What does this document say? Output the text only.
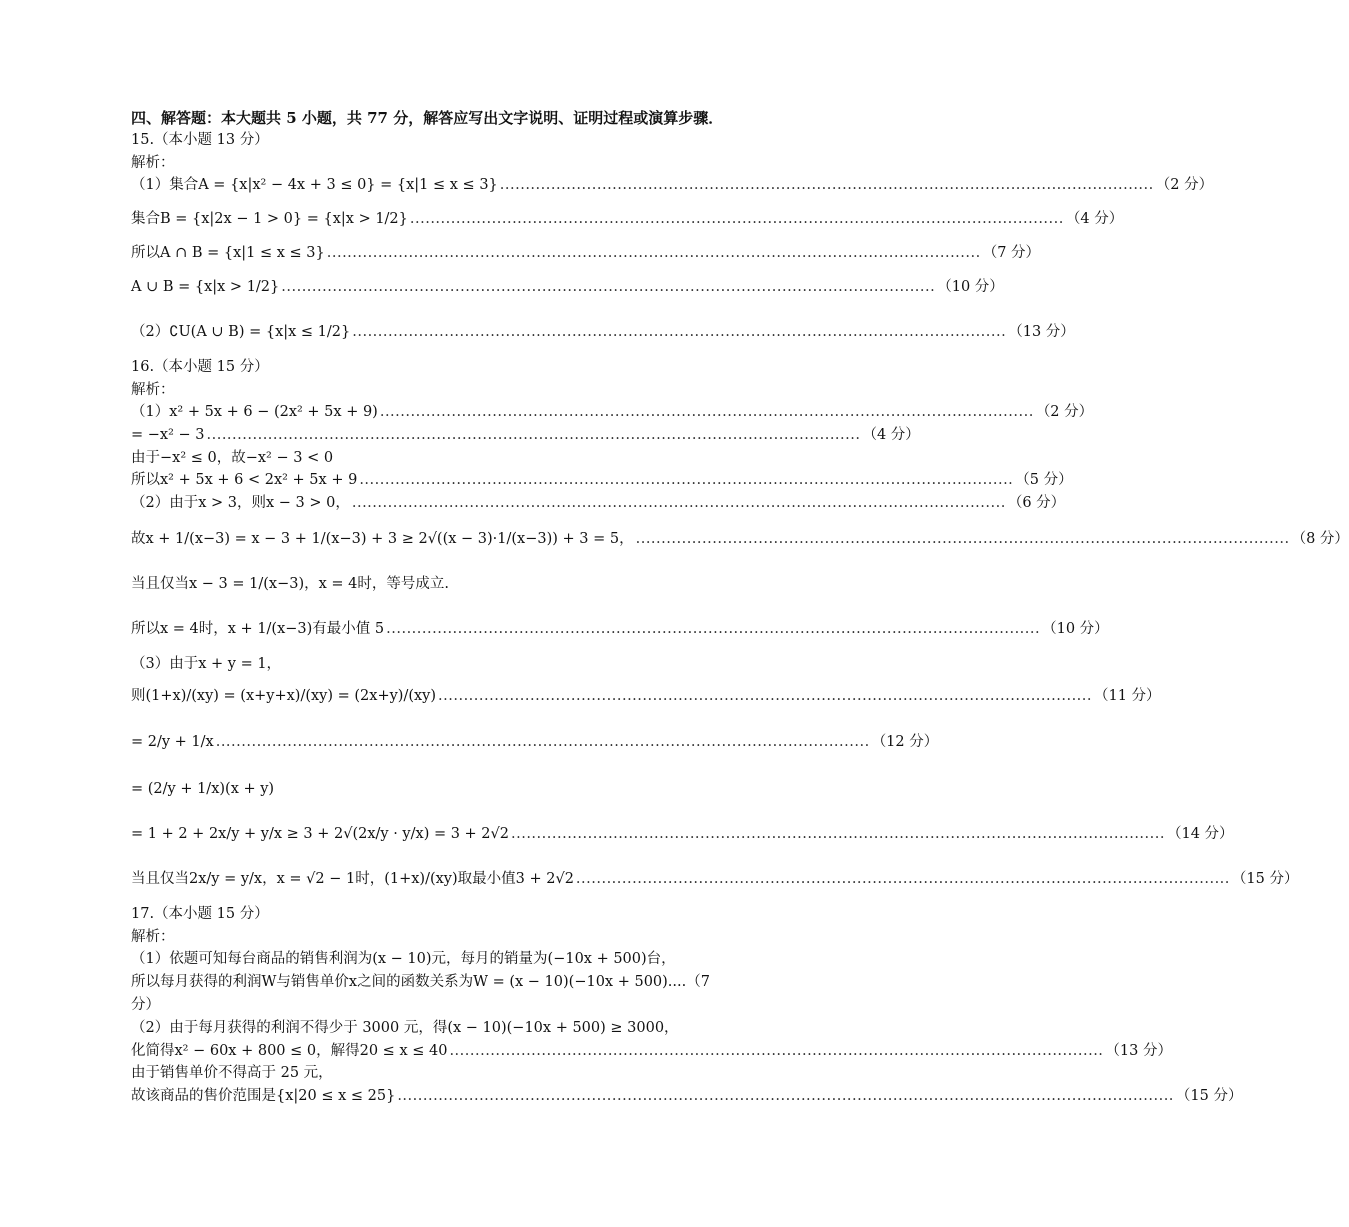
四、解答题：本大题共 5 小题，共 77 分，解答应写出文字说明、证明过程或演算步骤．
15.（本小题 13 分）
解析：
（1）集合A = {x|x² − 4x + 3 ≤ 0} = {x|1 ≤ x ≤ 3} ................................................................................................................................ （2 分）
集合B = {x|2x − 1 > 0} = {x|x > 1/2} ................................................................................................................................ （4 分）
所以A ∩ B = {x|1 ≤ x ≤ 3} ................................................................................................................................ （7 分）
A ∪ B = {x|x > 1/2} ................................................................................................................................ （10 分）
（2）∁U(A ∪ B) = {x|x ≤ 1/2} ................................................................................................................................ （13 分）
16.（本小题 15 分）
解析：
（1）x² + 5x + 6 − (2x² + 5x + 9) ................................................................................................................................ （2 分）
= −x² − 3 ................................................................................................................................ （4 分）
由于−x² ≤ 0，故−x² − 3 < 0
所以x² + 5x + 6 < 2x² + 5x + 9 ................................................................................................................................ （5 分）
（2）由于x > 3，则x − 3 > 0， ................................................................................................................................ （6 分）
故x + 1/(x−3) = x − 3 + 1/(x−3) + 3 ≥ 2√((x − 3)·1/(x−3)) + 3 = 5， ................................................................................................................................ （8 分）
当且仅当x − 3 = 1/(x−3)，x = 4时，等号成立.
所以x = 4时，x + 1/(x−3)有最小值 5 ................................................................................................................................ （10 分）
（3）由于x + y = 1，
则(1+x)/(xy) = (x+y+x)/(xy) = (2x+y)/(xy) ................................................................................................................................ （11 分）
= 2/y + 1/x ................................................................................................................................ （12 分）
= (2/y + 1/x)(x + y)
= 1 + 2 + 2x/y + y/x ≥ 3 + 2√(2x/y · y/x) = 3 + 2√2 ................................................................................................................................ （14 分）
当且仅当2x/y = y/x，x = √2 − 1时，(1+x)/(xy)取最小值3 + 2√2 ................................................................................................................................ （15 分）
17.（本小题 15 分）
解析：
（1）依题可知每台商品的销售利润为(x − 10)元，每月的销量为(−10x + 500)台，
所以每月获得的利润W与销售单价x之间的函数关系为W = (x − 10)(−10x + 500)....（7
分）
（2）由于每月获得的利润不得少于 3000 元，得(x − 10)(−10x + 500) ≥ 3000，
化简得x² − 60x + 800 ≤ 0，解得20 ≤ x ≤ 40 ................................................................................................................................ （13 分）
由于销售单价不得高于 25 元，
故该商品的售价范围是{x|20 ≤ x ≤ 25} ........................................................................................................................................................ （15 分）
